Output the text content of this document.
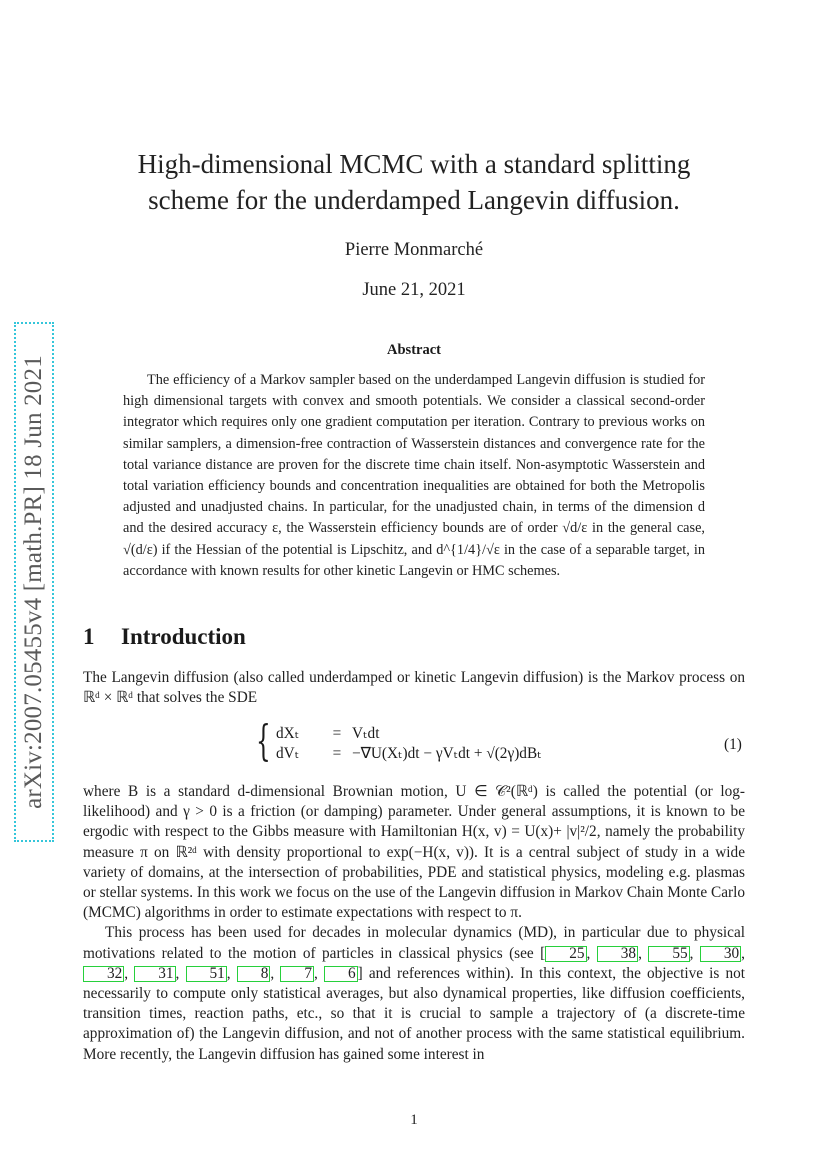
arXiv:2007.05455v4 [math.PR] 18 Jun 2021
High-dimensional MCMC with a standard splitting
scheme for the underdamped Langevin diffusion.
Pierre Monmarché
June 21, 2021
Abstract
The efficiency of a Markov sampler based on the underdamped Langevin diffusion is studied for high dimensional targets with convex and smooth potentials. We consider a classical second-order integrator which requires only one gradient computation per iteration. Contrary to previous works on similar samplers, a dimension-free contraction of Wasserstein distances and convergence rate for the total variance distance are proven for the discrete time chain itself. Non-asymptotic Wasserstein and total variation efficiency bounds and concentration inequalities are obtained for both the Metropolis adjusted and unadjusted chains. In particular, for the unadjusted chain, in terms of the dimension d and the desired accuracy ε, the Wasserstein efficiency bounds are of order √d/ε in the general case, √(d/ε) if the Hessian of the potential is Lipschitz, and d^{1/4}/√ε in the case of a separable target, in accordance with known results for other kinetic Langevin or HMC schemes.
1 Introduction
The Langevin diffusion (also called underdamped or kinetic Langevin diffusion) is the Markov process on ℝᵈ × ℝᵈ that solves the SDE
{ dXₜ = Vₜdt
dVₜ = −∇U(Xₜ)dt − γVₜdt + √(2γ)dBₜ
(1)
where B is a standard d-dimensional Brownian motion, U ∈ 𝒞²(ℝᵈ) is called the potential (or log-likelihood) and γ > 0 is a friction (or damping) parameter. Under general assumptions, it is known to be ergodic with respect to the Gibbs measure with Hamiltonian H(x, v) = U(x)+ |v|²/2, namely the probability measure π on ℝ²ᵈ with density proportional to exp(−H(x, v)). It is a central subject of study in a wide variety of domains, at the intersection of probabilities, PDE and statistical physics, modeling e.g. plasmas or stellar systems. In this work we focus on the use of the Langevin diffusion in Markov Chain Monte Carlo (MCMC) algorithms in order to estimate expectations with respect to π.
This process has been used for decades in molecular dynamics (MD), in particular due to physical motivations related to the motion of particles in classical physics (see [ 25 , 38 , 55 , 30 , 32 , 31 , 51 , 8 , 7 , 6 ] and references within). In this context, the objective is not necessarily to compute only statistical averages, but also dynamical properties, like diffusion coefficients, transition times, reaction paths, etc., so that it is crucial to sample a trajectory of (a discrete-time approximation of) the Langevin diffusion, and not of another process with the same statistical equilibrium. More recently, the Langevin diffusion has gained some interest in
1
